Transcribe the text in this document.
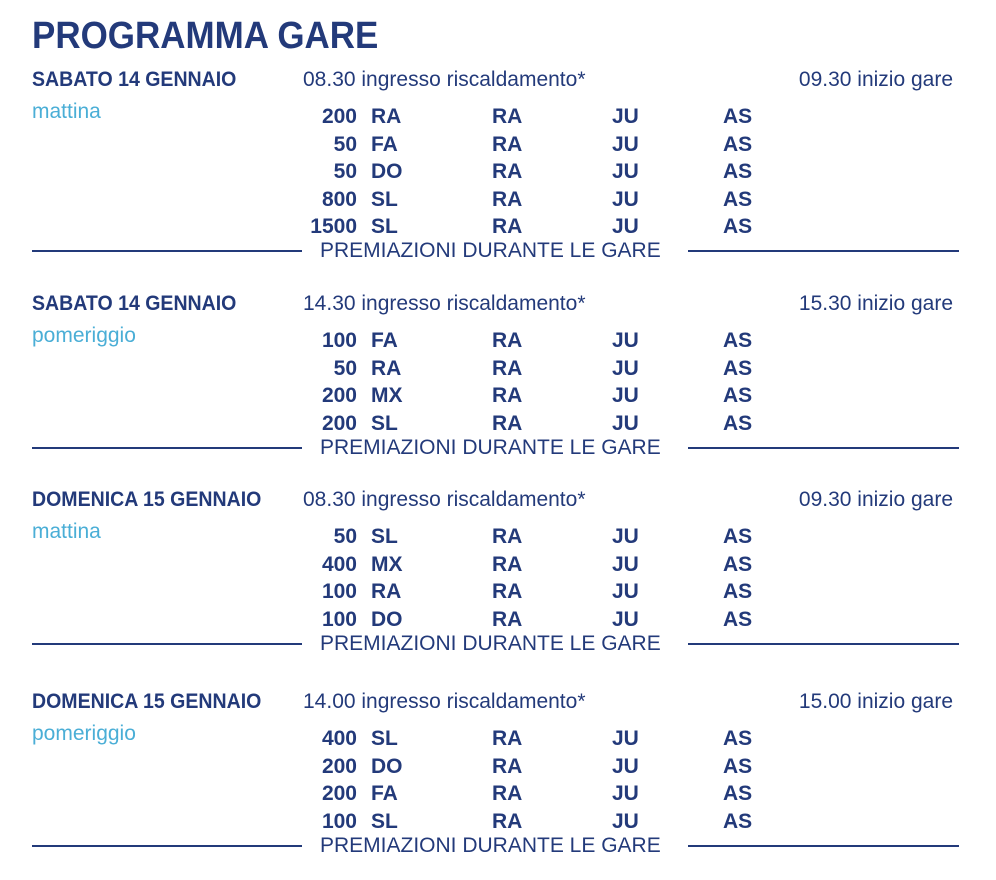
PROGRAMMA GARE
SABATO 14 GENNAIO
mattina
08.30 ingresso riscaldamento*	09.30 inizio gare
200 RA	RA	JU	AS
50 FA	RA	JU	AS
50 DO	RA	JU	AS
800 SL	RA	JU	AS
1500 SL	RA	JU	AS
PREMIAZIONI DURANTE LE GARE
SABATO 14 GENNAIO
pomeriggio
14.30 ingresso riscaldamento*	15.30 inizio gare
100 FA	RA	JU	AS
50 RA	RA	JU	AS
200 MX	RA	JU	AS
200 SL	RA	JU	AS
PREMIAZIONI DURANTE LE GARE
DOMENICA 15 GENNAIO
mattina
08.30 ingresso riscaldamento*	09.30 inizio gare
50 SL	RA	JU	AS
400 MX	RA	JU	AS
100 RA	RA	JU	AS
100 DO	RA	JU	AS
PREMIAZIONI DURANTE LE GARE
DOMENICA 15 GENNAIO
pomeriggio
14.00 ingresso riscaldamento*	15.00 inizio gare
400 SL	RA	JU	AS
200 DO	RA	JU	AS
200 FA	RA	JU	AS
100 SL	RA	JU	AS
PREMIAZIONI DURANTE LE GARE
